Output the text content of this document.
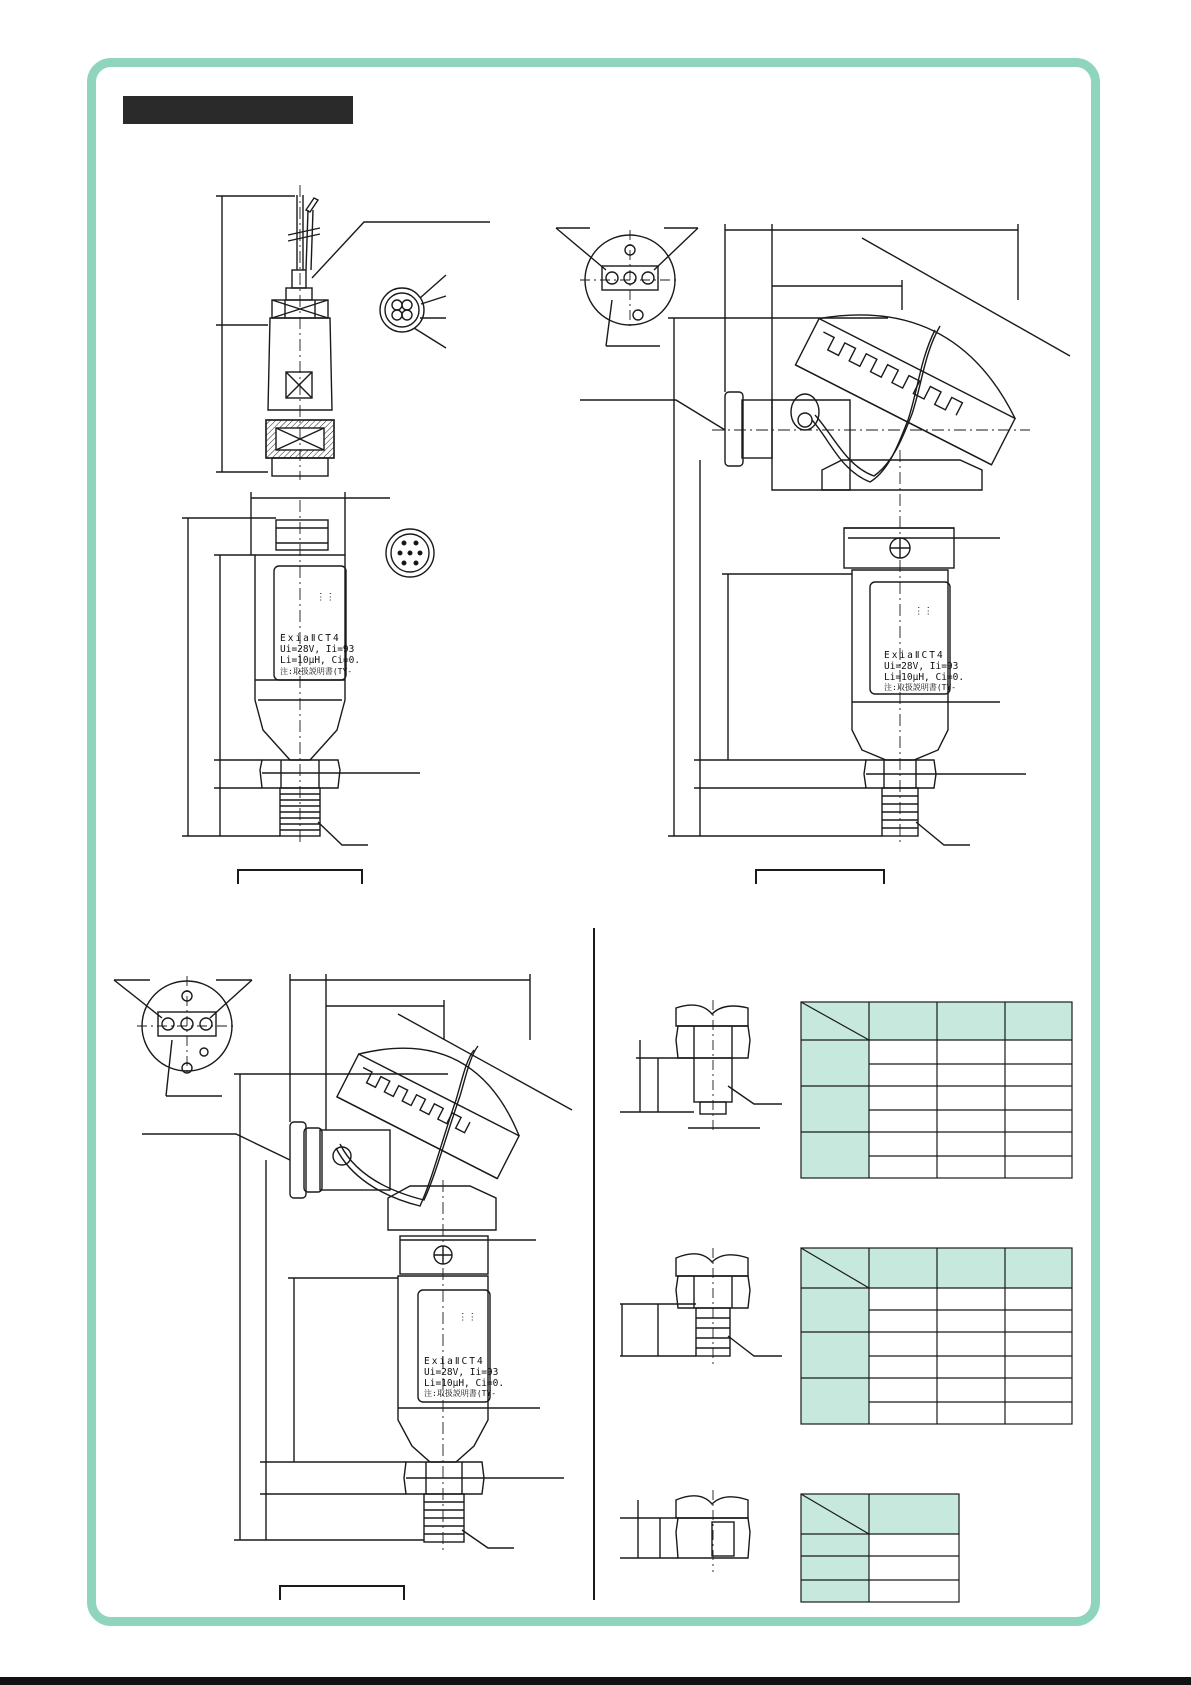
⋮⋮
ExiaⅡCT4
Ui=28V, Ii=93
Li=10μH, Ci=0.
注:取扱説明書(TY-
⋮⋮
ExiaⅡCT4
Ui=28V, Ii=93
Li=10μH, Ci=0.
注:取扱説明書(TY-
⋮⋮
ExiaⅡCT4
Ui=28V, Ii=93
Li=10μH, Ci=0.
注:取扱説明書(TY-
